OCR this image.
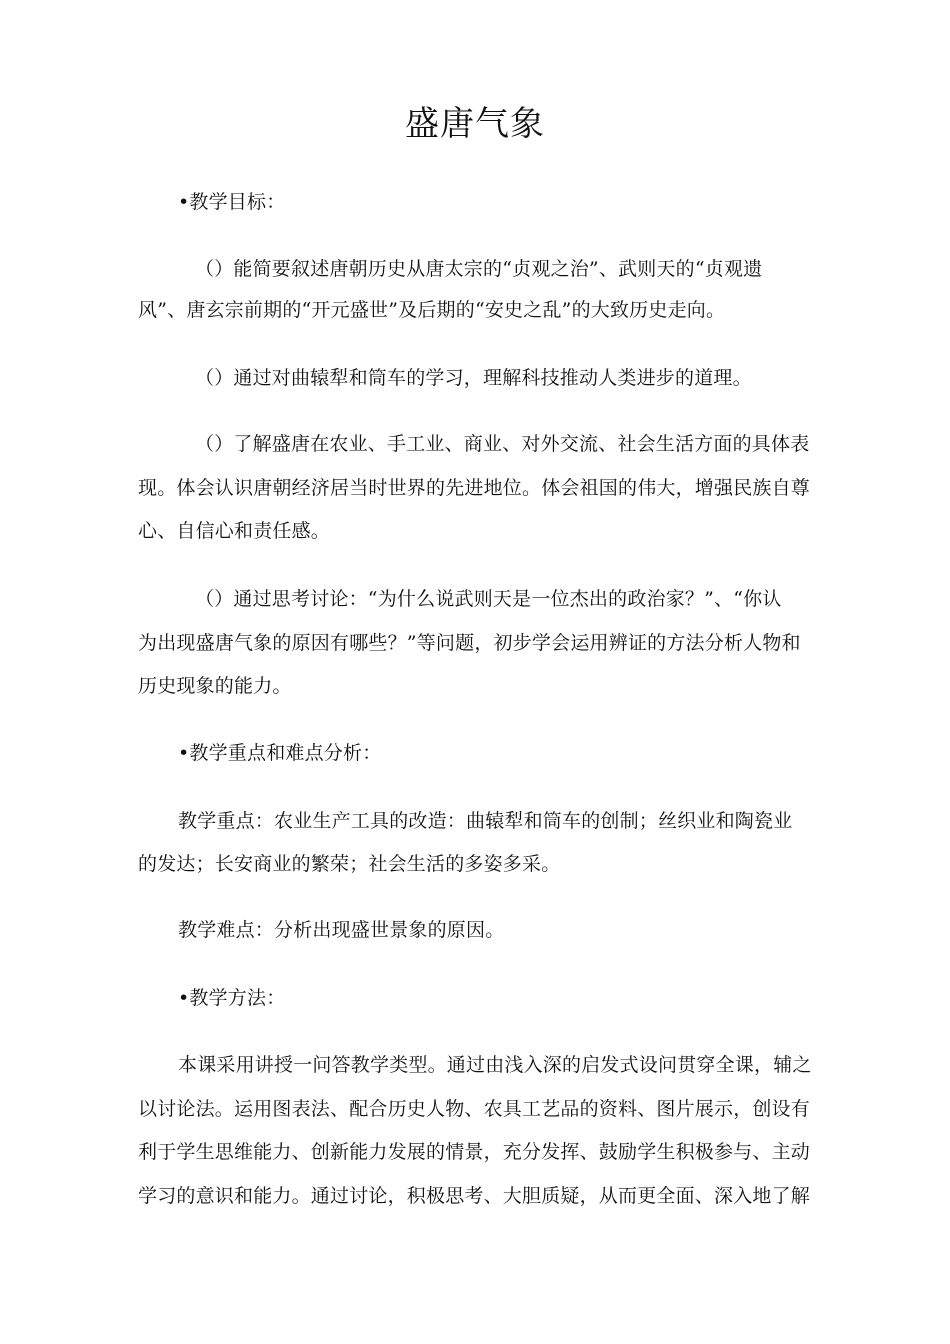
盛唐气象
•教学目标：
（）能简要叙述唐朝历史从唐太宗的“贞观之治”、武则天的“贞观遗
风”、唐玄宗前期的“开元盛世”及后期的“安史之乱”的大致历史走向。
（）通过对曲辕犁和筒车的学习，理解科技推动人类进步的道理。
（）了解盛唐在农业、手工业、商业、对外交流、社会生活方面的具体表
现。体会认识唐朝经济居当时世界的先进地位。体会祖国的伟大，增强民族自尊
心、自信心和责任感。
（）通过思考讨论：“为什么说武则天是一位杰出的政治家？”、“你认
为出现盛唐气象的原因有哪些？”等问题，初步学会运用辨证的方法分析人物和
历史现象的能力。
•教学重点和难点分析：
教学重点：农业生产工具的改造：曲辕犁和筒车的创制；丝织业和陶瓷业
的发达；长安商业的繁荣；社会生活的多姿多采。
教学难点：分析出现盛世景象的原因。
•教学方法：
本课采用讲授一问答教学类型。通过由浅入深的启发式设问贯穿全课，辅之
以讨论法。运用图表法、配合历史人物、农具工艺品的资料、图片展示，创设有
利于学生思维能力、创新能力发展的情景，充分发挥、鼓励学生积极参与、主动
学习的意识和能力。通过讨论，积极思考、大胆质疑，从而更全面、深入地了解
